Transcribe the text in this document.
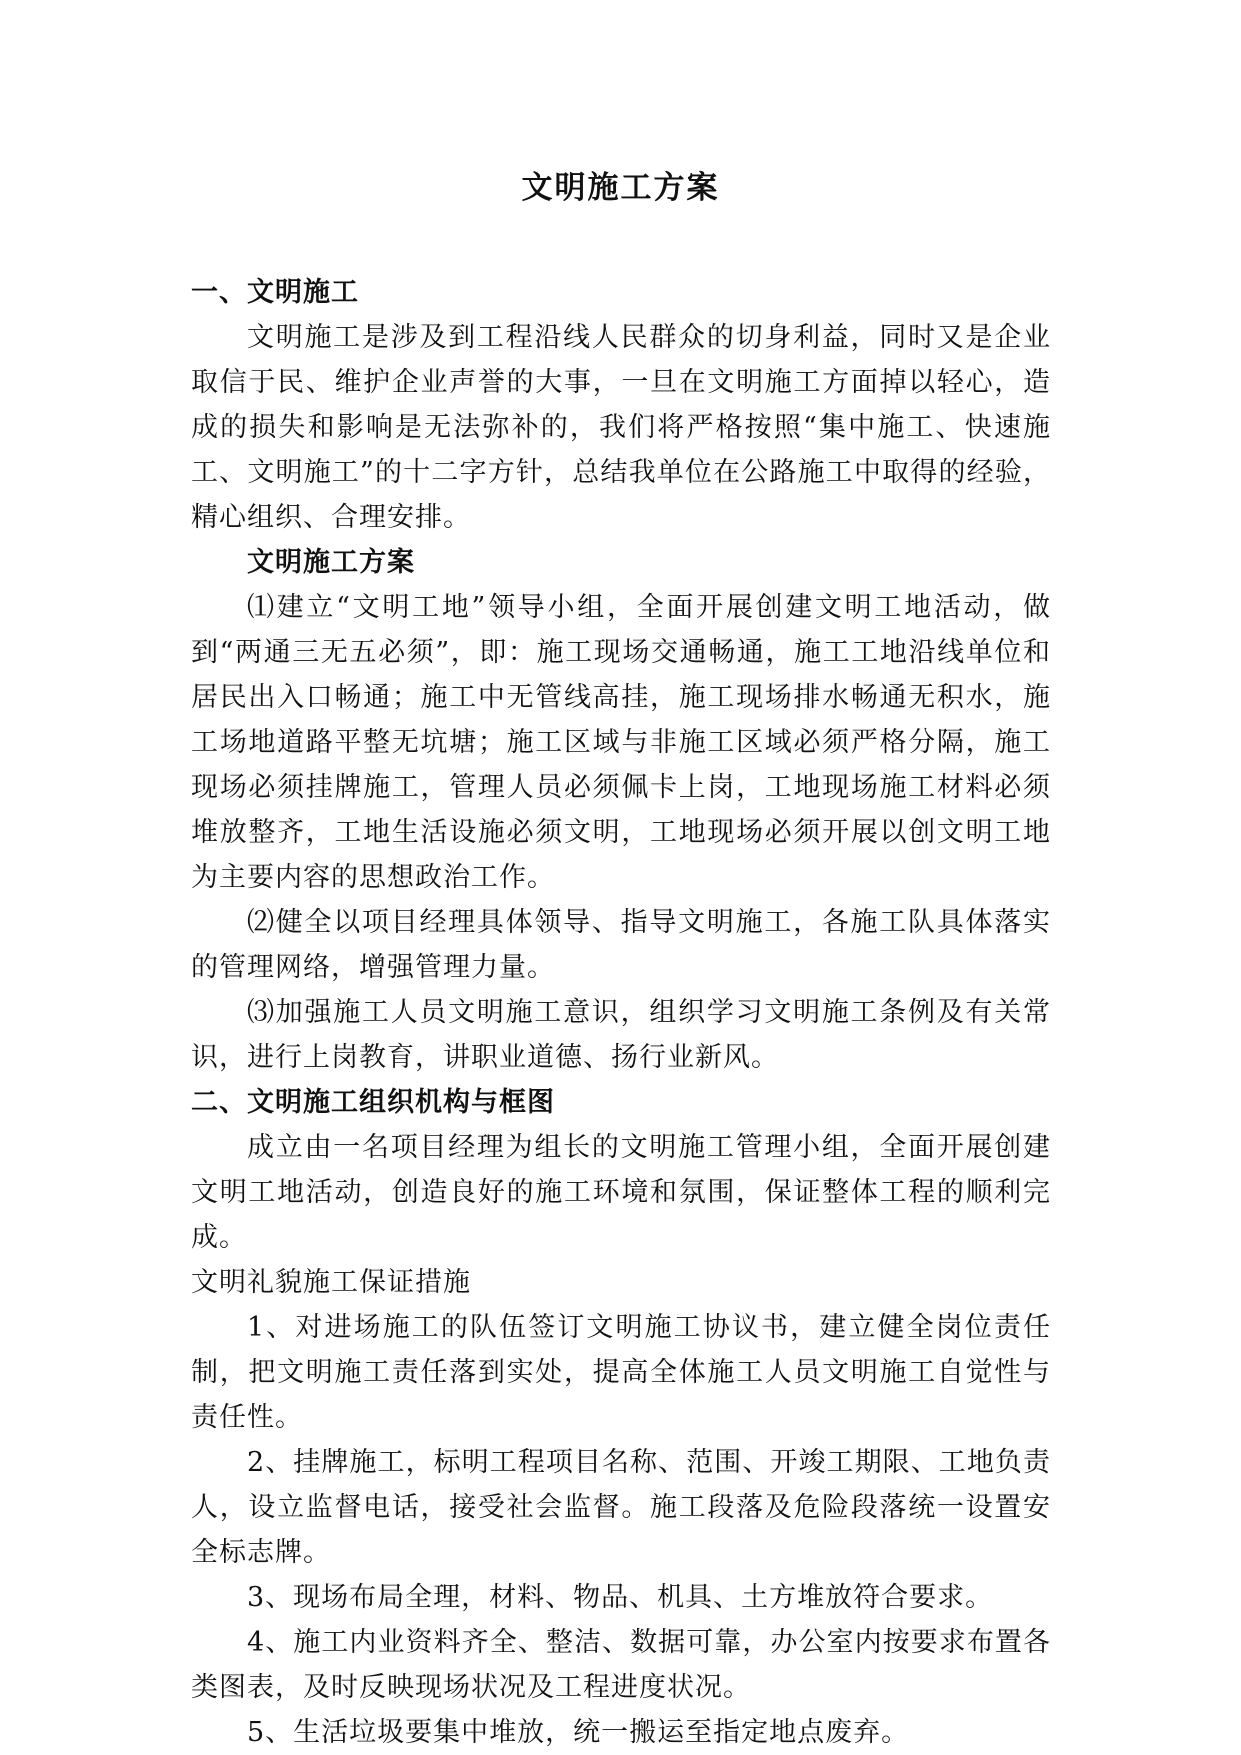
文明施工方案

一、文明施工

文明施工是涉及到工程沿线人民群众的切身利益，同时又是企业取信于民、维护企业声誉的大事，一旦在文明施工方面掉以轻心，造成的损失和影响是无法弥补的，我们将严格按照“集中施工、快速施工、文明施工”的十二字方针，总结我单位在公路施工中取得的经验，精心组织、合理安排。

文明施工方案

⑴建立“文明工地”领导小组，全面开展创建文明工地活动，做到“两通三无五必须”，即：施工现场交通畅通，施工工地沿线单位和居民出入口畅通；施工中无管线高挂，施工现场排水畅通无积水，施工场地道路平整无坑塘；施工区域与非施工区域必须严格分隔，施工现场必须挂牌施工，管理人员必须佩卡上岗，工地现场施工材料必须堆放整齐，工地生活设施必须文明，工地现场必须开展以创文明工地为主要内容的思想政治工作。

⑵健全以项目经理具体领导、指导文明施工，各施工队具体落实的管理网络，增强管理力量。

⑶加强施工人员文明施工意识，组织学习文明施工条例及有关常识，进行上岗教育，讲职业道德、扬行业新风。

二、文明施工组织机构与框图

成立由一名项目经理为组长的文明施工管理小组，全面开展创建文明工地活动，创造良好的施工环境和氛围，保证整体工程的顺利完成。

文明礼貌施工保证措施

1、对进场施工的队伍签订文明施工协议书，建立健全岗位责任制，把文明施工责任落到实处，提高全体施工人员文明施工自觉性与责任性。

2、挂牌施工，标明工程项目名称、范围、开竣工期限、工地负责人，设立监督电话，接受社会监督。施工段落及危险段落统一设置安全标志牌。

3、现场布局全理，材料、物品、机具、土方堆放符合要求。

4、施工内业资料齐全、整洁、数据可靠，办公室内按要求布置各类图表，及时反映现场状况及工程进度状况。

5、生活垃圾要集中堆放，统一搬运至指定地点废弃。
